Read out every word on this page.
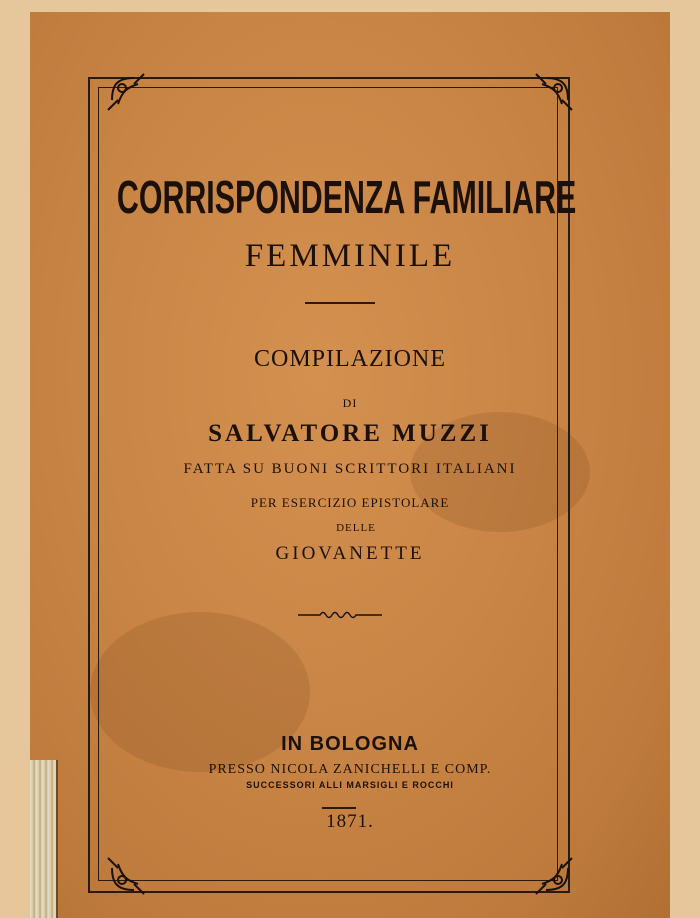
CORRISPONDENZA FAMILIARE
FEMMINILE
COMPILAZIONE
DI
SALVATORE MUZZI
FATTA SU BUONI SCRITTORI ITALIANI
PER ESERCIZIO EPISTOLARE
DELLE
GIOVANETTE
IN BOLOGNA
PRESSO NICOLA ZANICHELLI E COMP.
SUCCESSORI ALLI MARSIGLI E ROCCHI
1871.
